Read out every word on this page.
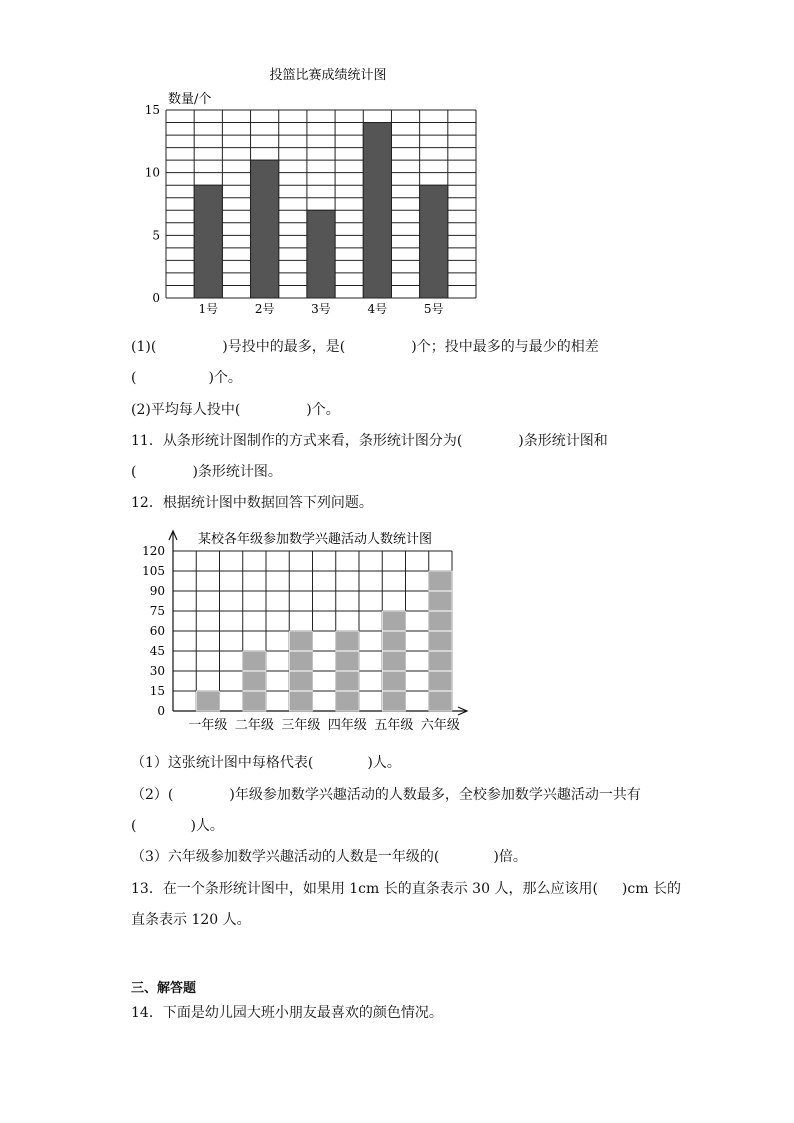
投篮比赛成绩统计图
数量/个
0
5
10
15
1号	2号	3号	4号	5号
(1)(	)号投中的最多，是(	)个；投中最多的与最少的相差
(	)个。
(2)平均每人投中(	)个。
11．从条形统计图制作的方式来看，条形统计图分为(	)条形统计图和
(	)条形统计图。
12．根据统计图中数据回答下列问题。
某校各年级参加数学兴趣活动人数统计图
0
15
30
45
60
75
90
105
120
一年级 二年级 三年级 四年级 五年级 六年级
（1）这张统计图中每格代表(	)人。
（2）(	)年级参加数学兴趣活动的人数最多，全校参加数学兴趣活动一共有
(	)人。
（3）六年级参加数学兴趣活动的人数是一年级的(	)倍。
13．在一个条形统计图中，如果用 1cm 长的直条表示 30 人，那么应该用( )cm 长的
直条表示 120 人。
三、解答题
14．下面是幼儿园大班小朋友最喜欢的颜色情况。
